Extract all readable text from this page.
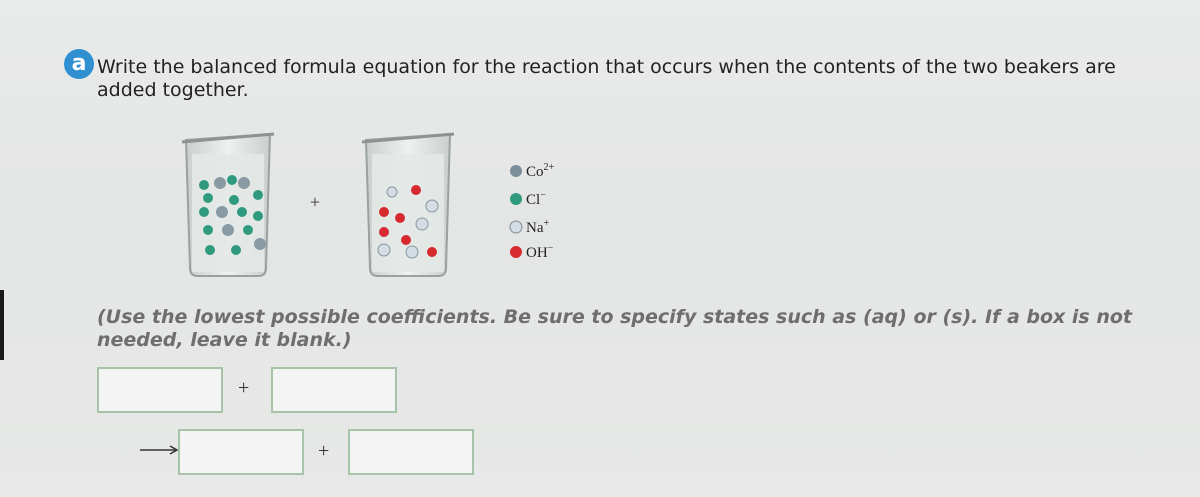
a Write the balanced formula equation for the reaction that occurs when the contents of the two beakers are added together.
+
$Co^{2+}$
Cl−
Na+
OH−
(Use the lowest possible coefficients. Be sure to specify states such as (aq) or (s). If a box is not needed, leave it blank.)
+
+
